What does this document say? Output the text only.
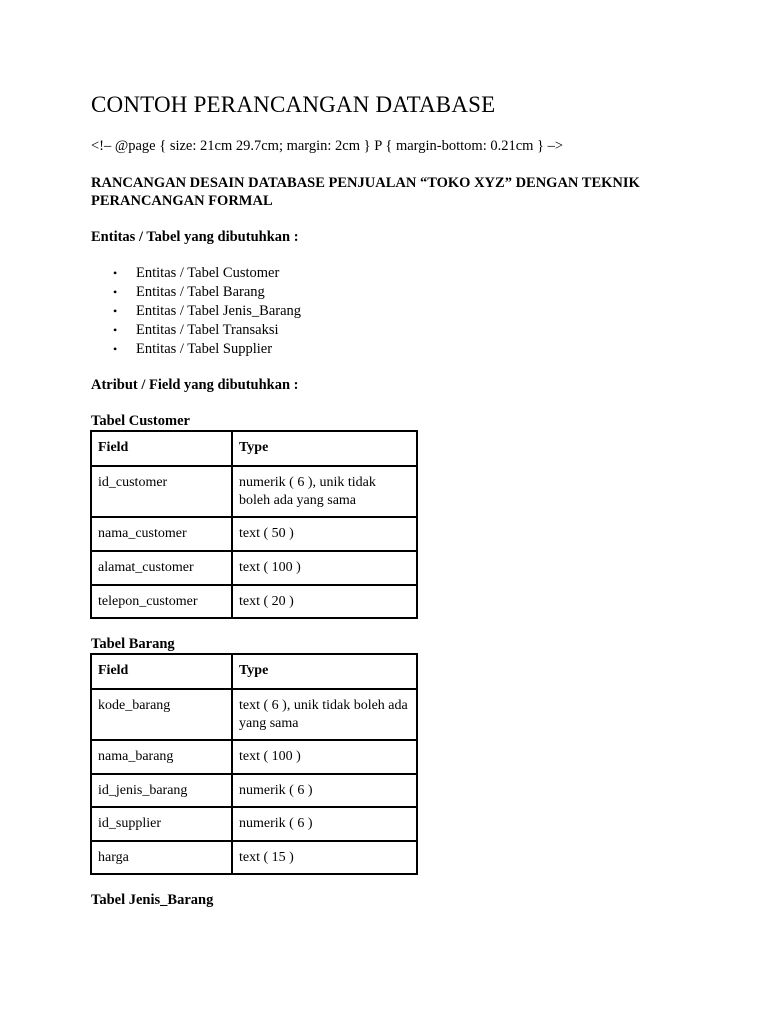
CONTOH PERANCANGAN DATABASE
<!– @page { size: 21cm 29.7cm; margin: 2cm } P { margin-bottom: 0.21cm } –>

RANCANGAN DESAIN DATABASE PENJUALAN “TOKO XYZ” DENGAN TEKNIK PERANCANGAN FORMAL

Entitas / Tabel yang dibutuhkan :
• Entitas / Tabel Customer
• Entitas / Tabel Barang
• Entitas / Tabel Jenis_Barang
• Entitas / Tabel Transaksi
• Entitas / Tabel Supplier
Atribut / Field yang dibutuhkan :
Tabel Customer
Field	Type
id_customer	numerik ( 6 ), unik tidak boleh ada yang sama
nama_customer	text ( 50 )
alamat_customer	text ( 100 )
telepon_customer	text ( 20 )
Tabel Barang
Field	Type
kode_barang	text ( 6 ), unik tidak boleh ada yang sama
nama_barang	text ( 100 )
id_jenis_barang	numerik ( 6 )
id_supplier	numerik ( 6 )
harga	text ( 15 )
Tabel Jenis_Barang
